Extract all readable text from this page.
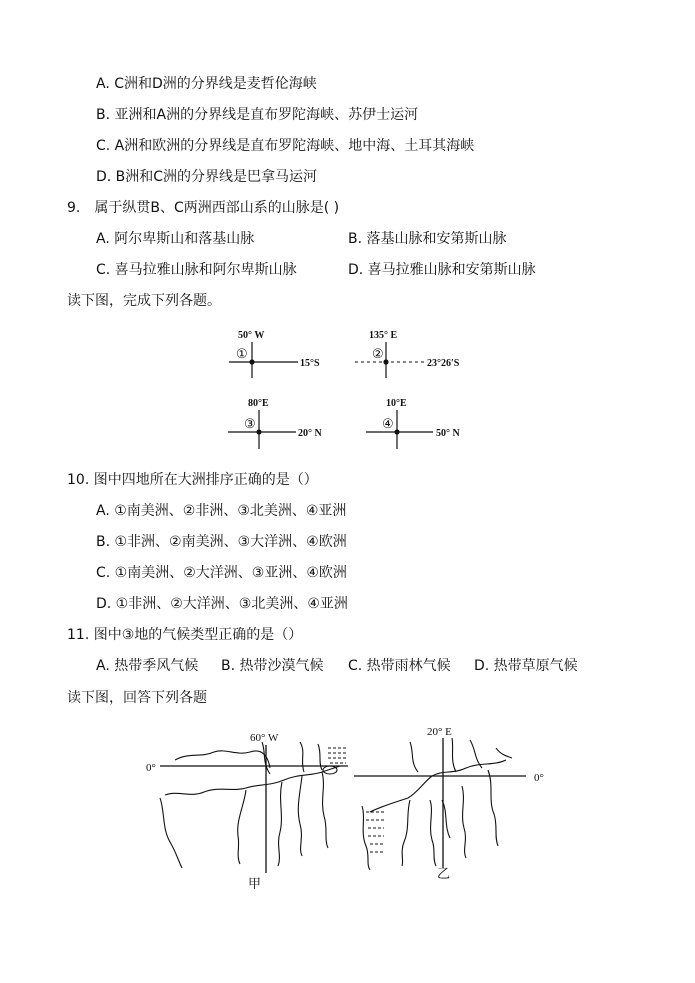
A. C洲和D洲的分界线是麦哲伦海峡
B. 亚洲和A洲的分界线是直布罗陀海峡、苏伊士运河
C. A洲和欧洲的分界线是直布罗陀海峡、地中海、土耳其海峡
D. B洲和C洲的分界线是巴拿马运河
9.　属于纵贯B、C两洲西部山系的山脉是( )
A. 阿尔卑斯山和落基山脉	B. 落基山脉和安第斯山脉
C. 喜马拉雅山脉和阿尔卑斯山脉	D. 喜马拉雅山脉和安第斯山脉
读下图，完成下列各题。
50° W
①
15°S
135° E
②
23°26′S
80°E
③
20° N
10°E
④
50° N
10. 图中四地所在大洲排序正确的是（）
A. ①南美洲、②非洲、③北美洲、④亚洲
B. ①非洲、②南美洲、③大洋洲、④欧洲
C. ①南美洲、②大洋洲、③亚洲、④欧洲
D. ①非洲、②大洋洲、③北美洲、④亚洲
11. 图中③地的气候类型正确的是（）
A. 热带季风气候 B. 热带沙漠气候 C. 热带雨林气候 D. 热带草原气候
读下图，回答下列各题
60° W
0°
甲
20° E
0°
乙
